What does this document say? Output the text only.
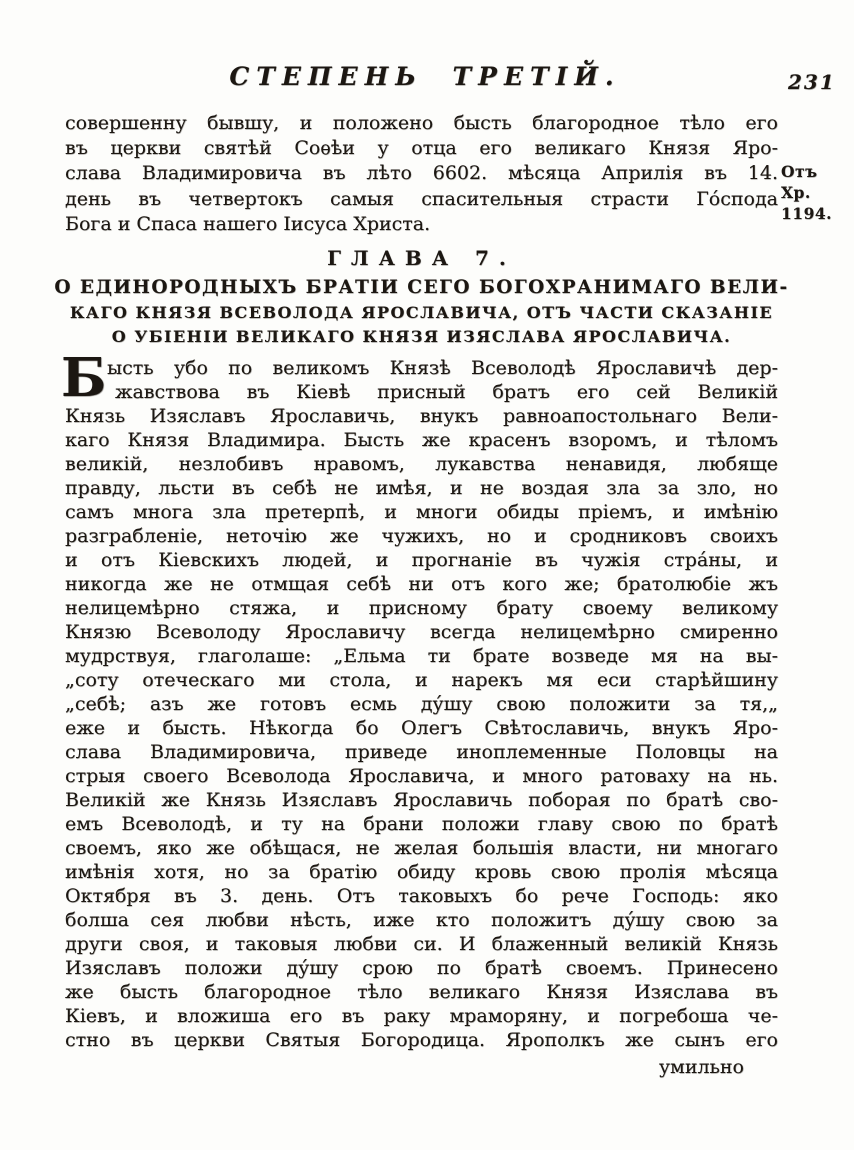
СТЕПЕНЬ ТРЕТІЙ.	231
Отъ Хр.
1194.
совершенну бывшу, и положено бысть благородное тѣло его
въ церкви святѣй Соѳѣи у отца его великаго Князя Яро-
слава Владимировича въ лѣто 6602. мѣсяца Априлія въ 14.
день въ четвертокъ самыя спасительныя страсти Го́спода
Бога и Спаса нашего Іисуса Христа.
ГЛАВА 7.
О ЕДИНОРОДНЫХЪ БРАТІИ СЕГО БОГОХРАНИМАГО ВЕЛИ-
КАГО КНЯЗЯ ВСЕВОЛОДА ЯРОСЛАВИЧА, ОТЪ ЧАСТИ СКАЗАНІЕ
О УБІЕНІИ ВЕЛИКАГО КНЯЗЯ ИЗЯСЛАВА ЯРОСЛАВИЧА.
Б ысть убо по великомъ Князѣ Всеволодѣ Ярославичѣ дер-
жавствова въ Кіевѣ присный братъ его сей Великій
Князь Изяславъ Ярославичь, внукъ равноапостольнаго Вели-
каго Князя Владимира. Бысть же красенъ взоромъ, и тѣломъ
великій, незлобивъ нравомъ, лукавства ненавидя, любяще
правду, льсти въ себѣ не имѣя, и не воздая зла за зло, но
самъ многа зла претерпѣ, и многи обиды пріемъ, и имѣнію
разграбленіе, неточію же чужихъ, но и сродниковъ своихъ
и отъ Кіевскихъ людей, и прогнаніе въ чужія стра́ны, и
никогда же не отмщая себѣ ни отъ кого же; братолюбіе жъ
нелицемѣрно стяжа, и присному брату своему великому
Князю Всеволоду Ярославичу всегда нелицемѣрно смиренно
мудрствуя, глаголаше: „Ельма ти брате возведе мя на вы-
„соту отеческаго ми стола, и нарекъ мя еси старѣйшину
„себѣ; азъ же готовъ есмь ду́шу свою положити за тя,„
еже и бысть. Нѣкогда бо Олегъ Свѣтославичь, внукъ Яро-
слава Владимировича, приведе иноплеменные Половцы на
стрыя своего Всеволода Ярославича, и много ратоваху на нь.
Великій же Князь Изяславъ Ярославичь поборая по братѣ сво-
емъ Всеволодѣ, и ту на брани положи главу свою по братѣ
своемъ, яко же обѣщася, не желая большія власти, ни многаго
имѣнія хотя, но за братію обиду кровь свою пролія мѣсяца
Октября въ 3. день. Отъ таковыхъ бо рече Господь: яко
болша сея любви нѣсть, иже кто положитъ ду́шу свою за
други своя, и таковыя любви си. И блаженный великій Князь
Изяславъ положи ду́шу срою по братѣ своемъ. Принесено
же бысть благородное тѣло великаго Князя Изяслава въ
Кіевъ, и вложиша его въ раку мраморяну, и погребоша че-
стно въ церкви Святыя Богородица. Ярополкъ же сынъ его
умильно
